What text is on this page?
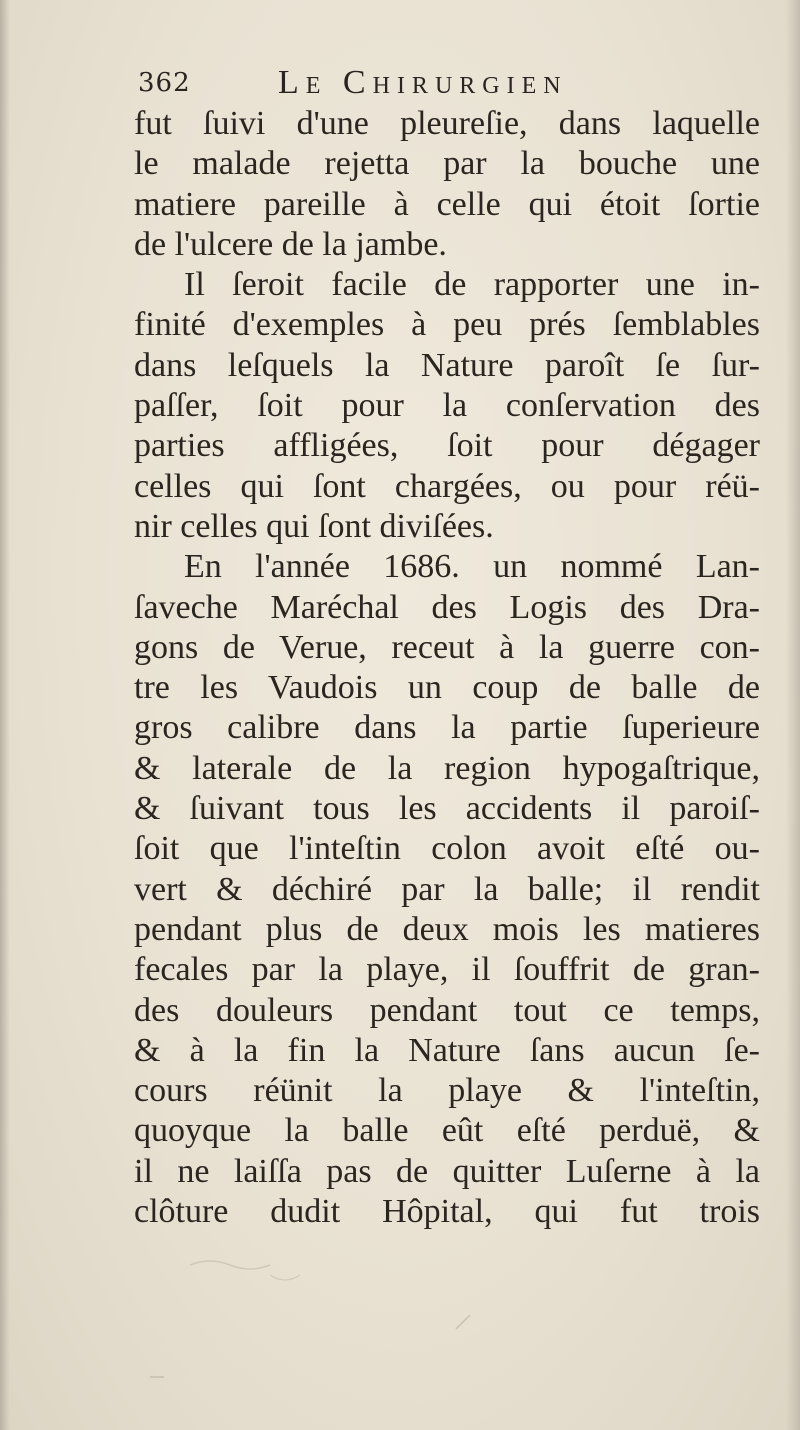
362	Le Chirurgien
fut ſuivi d'une pleureſie, dans laquelle
le malade rejetta par la bouche une
matiere pareille à celle qui étoit ſortie
de l'ulcere de la jambe.
Il ſeroit facile de rapporter une in-
finité d'exemples à peu prés ſemblables
dans leſquels la Nature paroît ſe ſur-
paſſer, ſoit pour la conſervation des
parties affligées, ſoit pour dégager
celles qui ſont chargées, ou pour réü-
nir celles qui ſont diviſées.
En l'année 1686. un nommé Lan-
ſaveche Maréchal des Logis des Dra-
gons de Verue, receut à la guerre con-
tre les Vaudois un coup de balle de
gros calibre dans la partie ſuperieure
& laterale de la region hypogaſtrique,
& ſuivant tous les accidents il paroiſ-
ſoit que l'inteſtin colon avoit eſté ou-
vert & déchiré par la balle; il rendit
pendant plus de deux mois les matieres
fecales par la playe, il ſouffrit de gran-
des douleurs pendant tout ce temps,
& à la fin la Nature ſans aucun ſe-
cours réünit la playe & l'inteſtin,
quoyque la balle eût eſté perduë, &
il ne laiſſa pas de quitter Luſerne à la
clôture dudit Hôpital, qui fut trois
